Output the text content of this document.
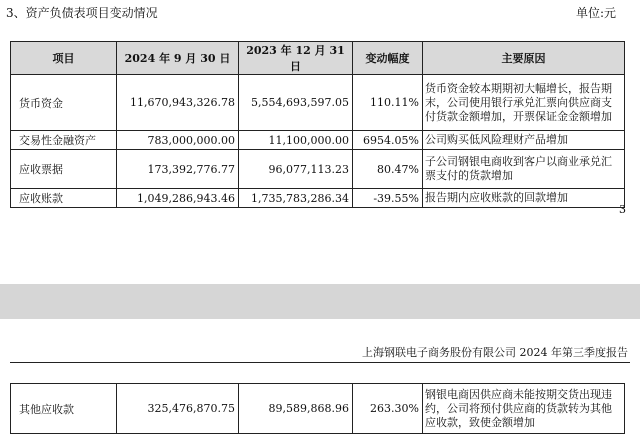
3、资产负债表项目变动情况	单位:元
项目	2024 年 9 月 30 日	2023 年 12 月 31 日	变动幅度	主要原因
货币资金	11,670,943,326.78	5,554,693,597.05	110.11%	货币资金较本期期初大幅增长，报告期末，公司使用银行承兑汇票向供应商支付货款金额增加，开票保证金金额增加
交易性金融资产	783,000,000.00	11,100,000.00	6954.05%	公司购买低风险理财产品增加
应收票据	173,392,776.77	96,077,113.23	80.47%	子公司钢银电商收到客户以商业承兑汇票支付的货款增加
应收账款	1,049,286,943.46	1,735,783,286.34	-39.55%	报告期内应收账款的回款增加
3
上海钢联电子商务股份有限公司 2024 年第三季度报告
其他应收款	325,476,870.75	89,589,868.96	263.30%	钢银电商因供应商未能按期交货出现违约，公司将预付供应商的货款转为其他应收款，致使金额增加
